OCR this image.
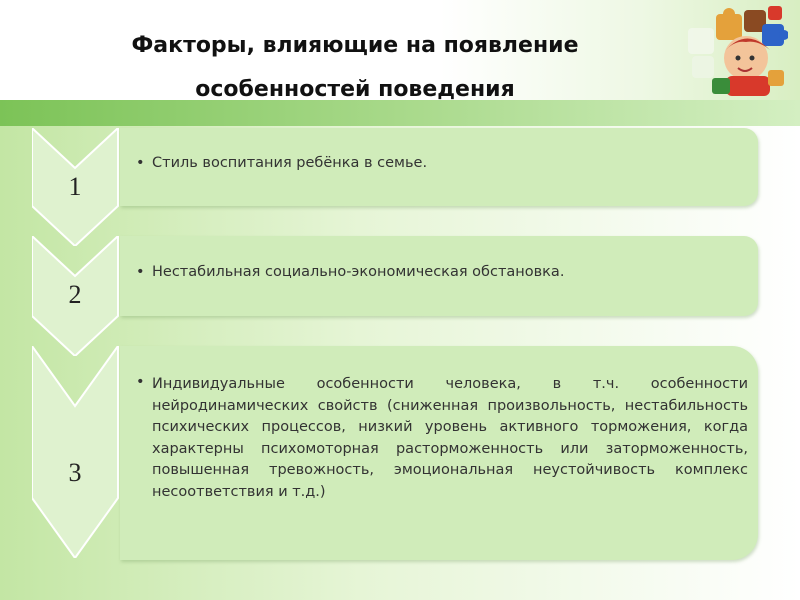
Факторы, влияющие на появление
особенностей поведения
1
• Стиль воспитания ребёнка в семье.
2
• Нестабильная социально-экономическая обстановка.
3
• Индивидуальные особенности человека, в т.ч. особенности нейродинамических свойств (сниженная произвольность, нестабильность психических процессов, низкий уровень активного торможения, когда характерны психомоторная расторможенность или заторможенность, повышенная тревожность, эмоциональная неустойчивость комплекс несоответствия и т.д.)
